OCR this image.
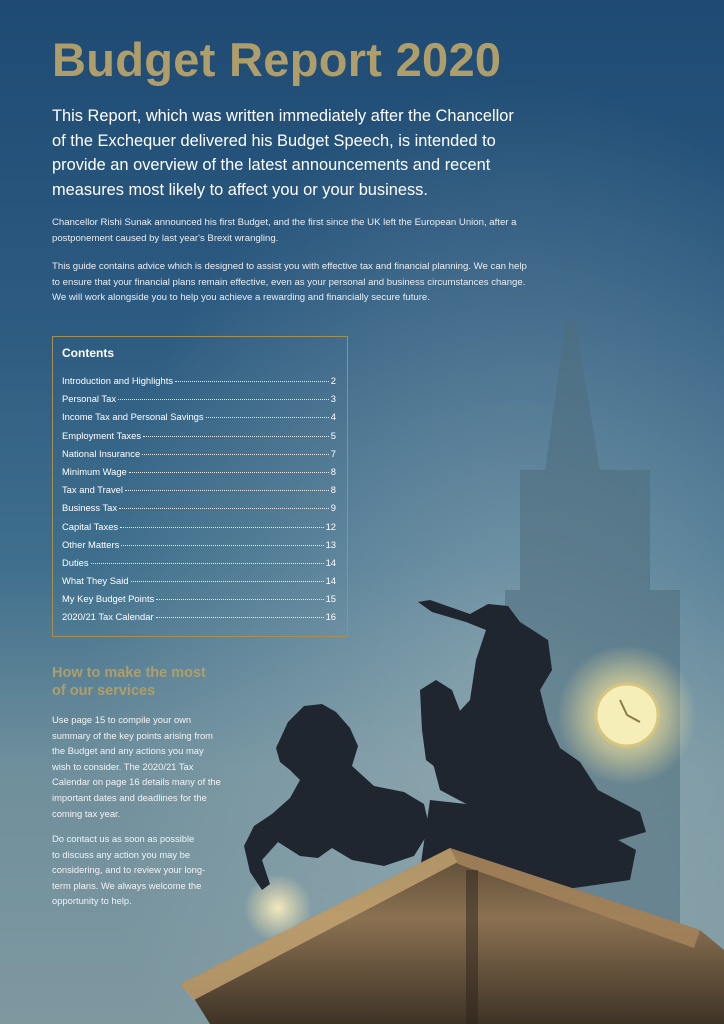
Budget Report 2020

This Report, which was written immediately after the Chancellor of the Exchequer delivered his Budget Speech, is intended to provide an overview of the latest announcements and recent measures most likely to affect you or your business.

Chancellor Rishi Sunak announced his first Budget, and the first since the UK left the European Union, after a postponement caused by last year's Brexit wrangling.

This guide contains advice which is designed to assist you with effective tax and financial planning. We can help to ensure that your financial plans remain effective, even as your personal and business circumstances change. We will work alongside you to help you achieve a rewarding and financially secure future.

Contents
Introduction and Highlights	2
Personal Tax	3
Income Tax and Personal Savings	4
Employment Taxes	5
National Insurance	7
Minimum Wage	8
Tax and Travel	8
Business Tax	9
Capital Taxes	12
Other Matters	13
Duties	14
What They Said	14
My Key Budget Points	15
2020/21 Tax Calendar	16
How to make the most
of our services

Use page 15 to compile your own
summary of the key points arising from
the Budget and any actions you may
wish to consider. The 2020/21 Tax
Calendar on page 16 details many of the
important dates and deadlines for the
coming tax year.

Do contact us as soon as possible
to discuss any action you may be
considering, and to review your long-
term plans. We always welcome the
opportunity to help.
